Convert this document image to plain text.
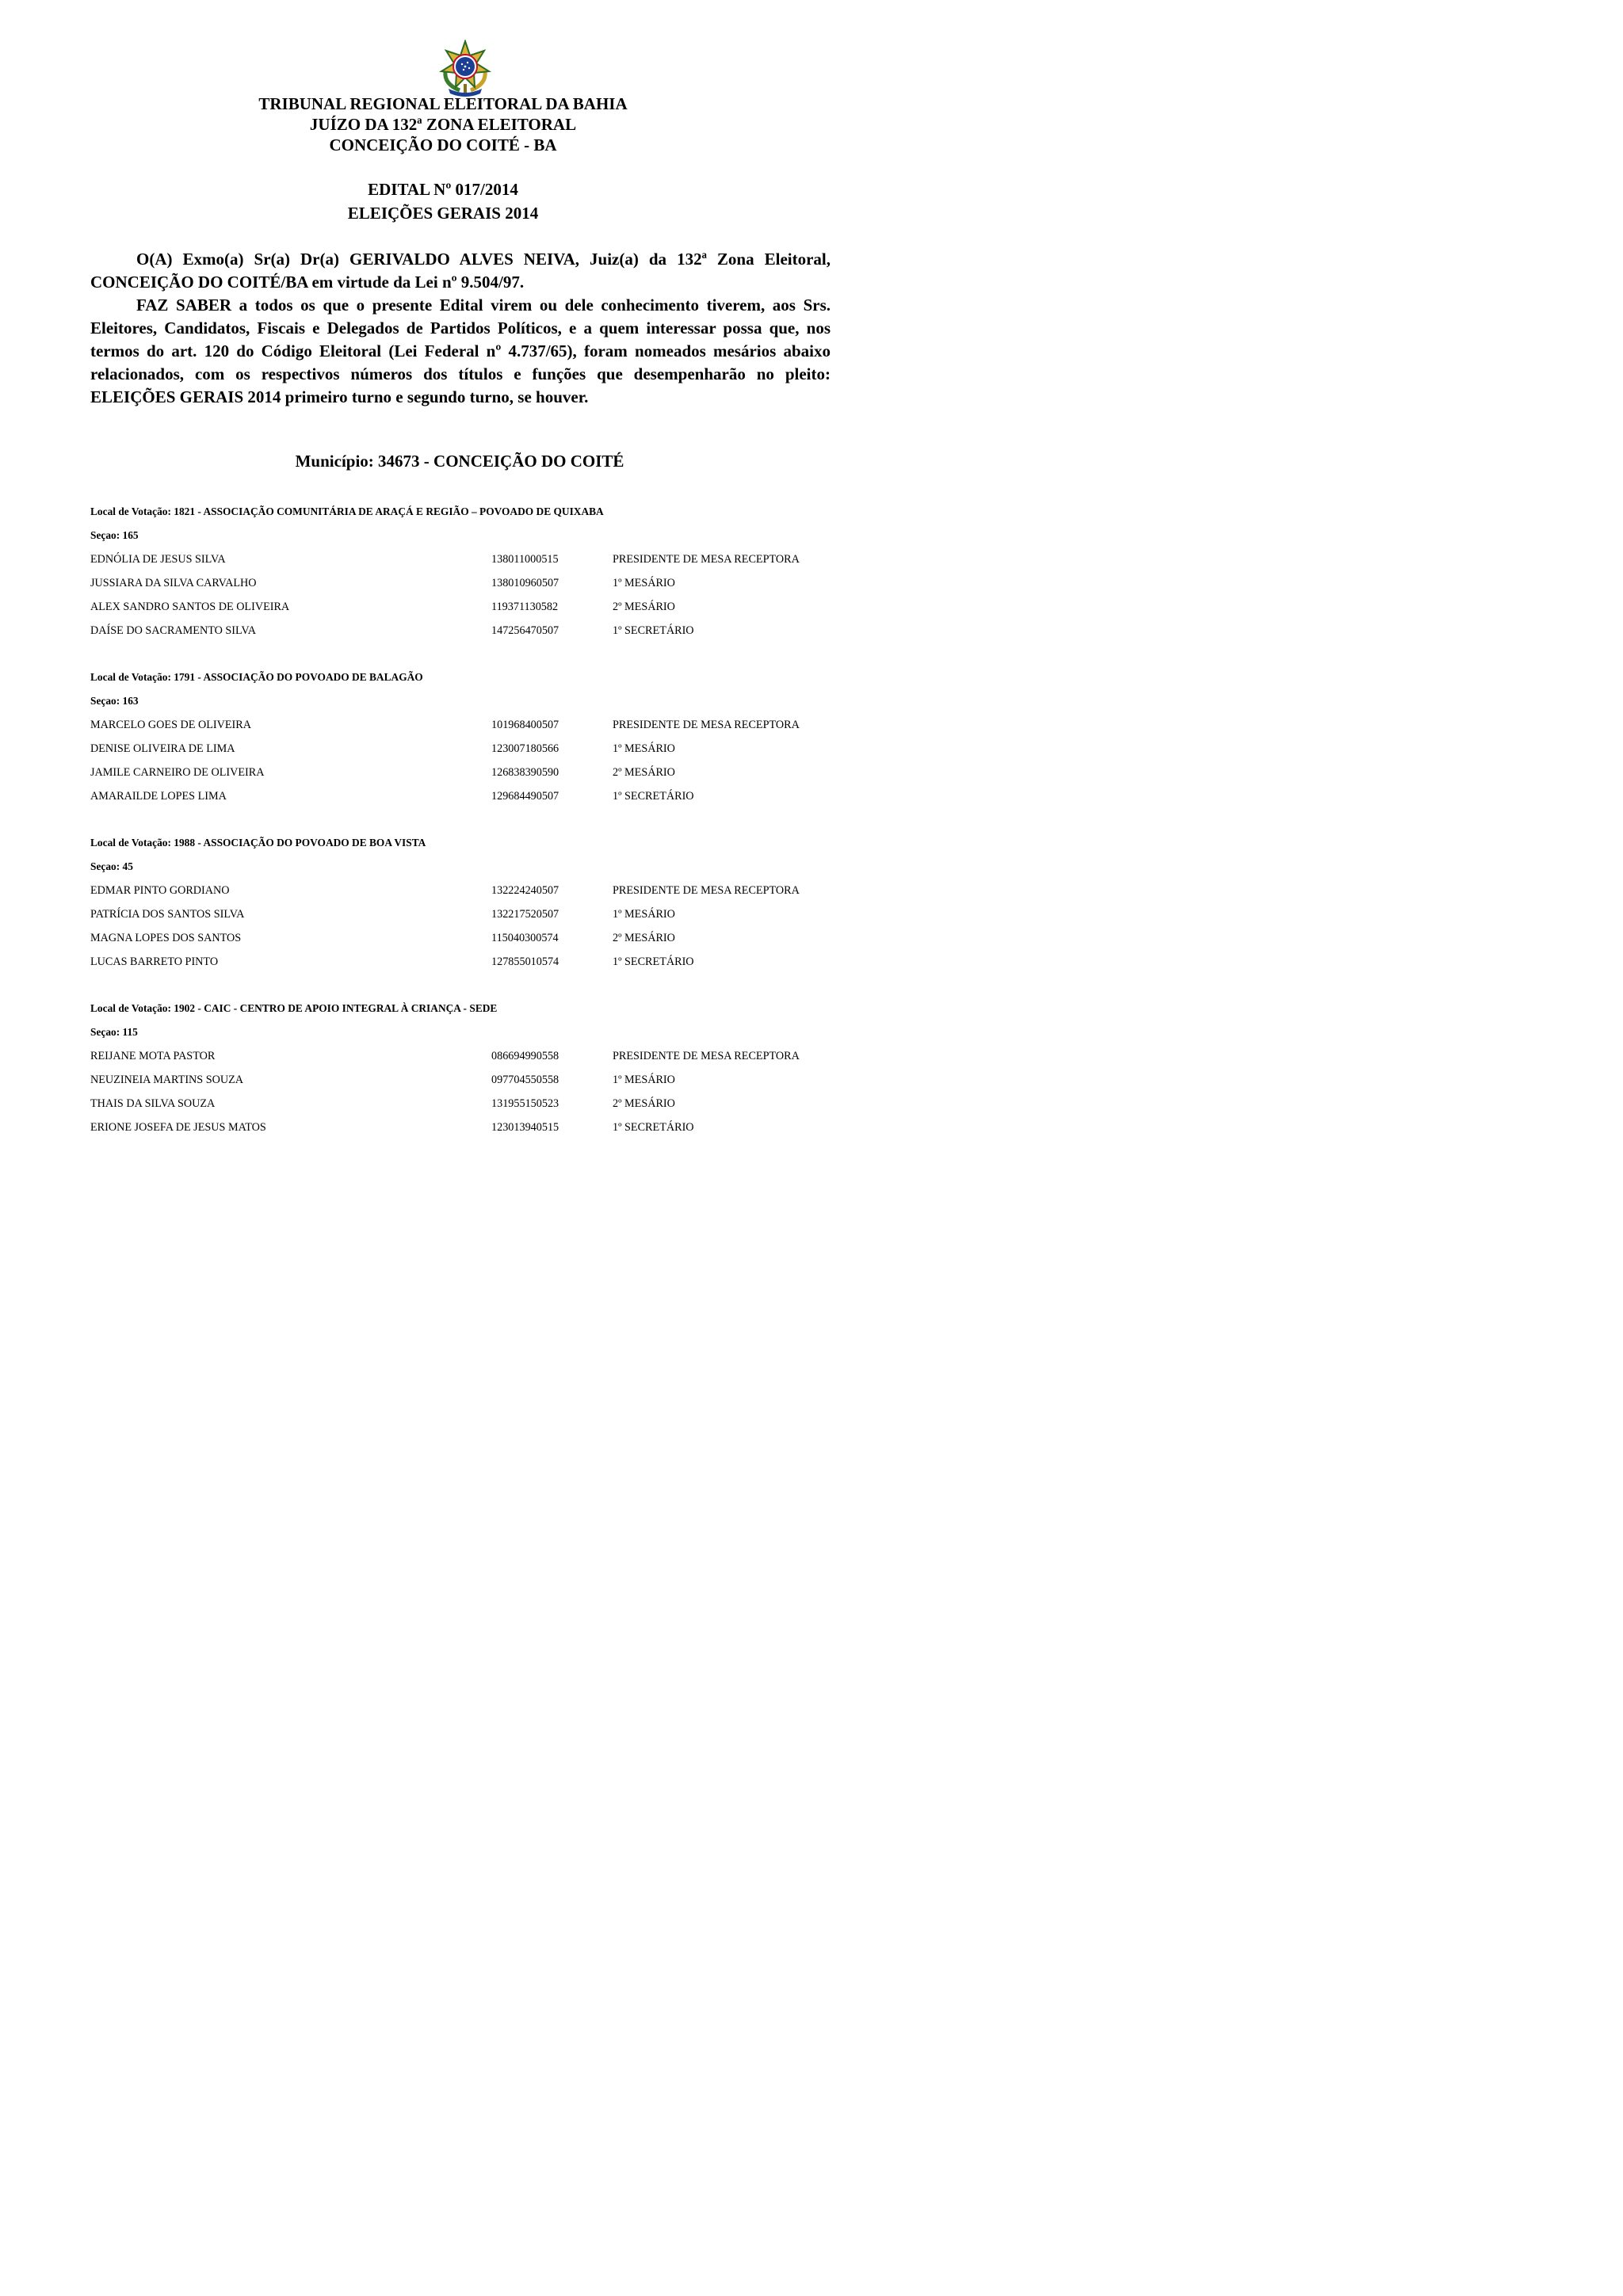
TRIBUNAL REGIONAL ELEITORAL DA BAHIA
JUÍZO DA 132ª ZONA ELEITORAL
CONCEIÇÃO DO COITÉ - BA
EDITAL Nº 017/2014
ELEIÇÕES GERAIS 2014

O(A) Exmo(a) Sr(a) Dr(a) GERIVALDO ALVES NEIVA, Juiz(a) da 132ª Zona Eleitoral, CONCEIÇÃO DO COITÉ/BA em virtude da Lei nº 9.504/97.

FAZ SABER a todos os que o presente Edital virem ou dele conhecimento tiverem, aos Srs. Eleitores, Candidatos, Fiscais e Delegados de Partidos Políticos, e a quem interessar possa que, nos termos do art. 120 do Código Eleitoral (Lei Federal nº 4.737/65), foram nomeados mesários abaixo relacionados, com os respectivos números dos títulos e funções que desempenharão no pleito: ELEIÇÕES GERAIS 2014 primeiro turno e segundo turno, se houver.

Município: 34673 - CONCEIÇÃO DO COITÉ
Local de Votação: 1821 - ASSOCIAÇÃO COMUNITÁRIA DE ARAÇÁ E REGIÃO – POVOADO DE QUIXABA
Seçao: 165
EDNÓLIA DE JESUS SILVA	138011000515	PRESIDENTE DE MESA RECEPTORA
JUSSIARA DA SILVA CARVALHO	138010960507	1º MESÁRIO
ALEX SANDRO SANTOS DE OLIVEIRA	119371130582	2º MESÁRIO
DAÍSE DO SACRAMENTO SILVA	147256470507	1º SECRETÁRIO
Local de Votação: 1791 - ASSOCIAÇÃO DO POVOADO DE BALAGÃO
Seçao: 163
MARCELO GOES DE OLIVEIRA	101968400507	PRESIDENTE DE MESA RECEPTORA
DENISE OLIVEIRA DE LIMA	123007180566	1º MESÁRIO
JAMILE CARNEIRO DE OLIVEIRA	126838390590	2º MESÁRIO
AMARAILDE LOPES LIMA	129684490507	1º SECRETÁRIO
Local de Votação: 1988 - ASSOCIAÇÃO DO POVOADO DE BOA VISTA
Seçao: 45
EDMAR PINTO GORDIANO	132224240507	PRESIDENTE DE MESA RECEPTORA
PATRÍCIA DOS SANTOS SILVA	132217520507	1º MESÁRIO
MAGNA LOPES DOS SANTOS	115040300574	2º MESÁRIO
LUCAS BARRETO PINTO	127855010574	1º SECRETÁRIO
Local de Votação: 1902 - CAIC - CENTRO DE APOIO INTEGRAL À CRIANÇA - SEDE
Seçao: 115
REIJANE MOTA PASTOR	086694990558	PRESIDENTE DE MESA RECEPTORA
NEUZINEIA MARTINS SOUZA	097704550558	1º MESÁRIO
THAIS DA SILVA SOUZA	131955150523	2º MESÁRIO
ERIONE JOSEFA DE JESUS MATOS	123013940515	1º SECRETÁRIO
